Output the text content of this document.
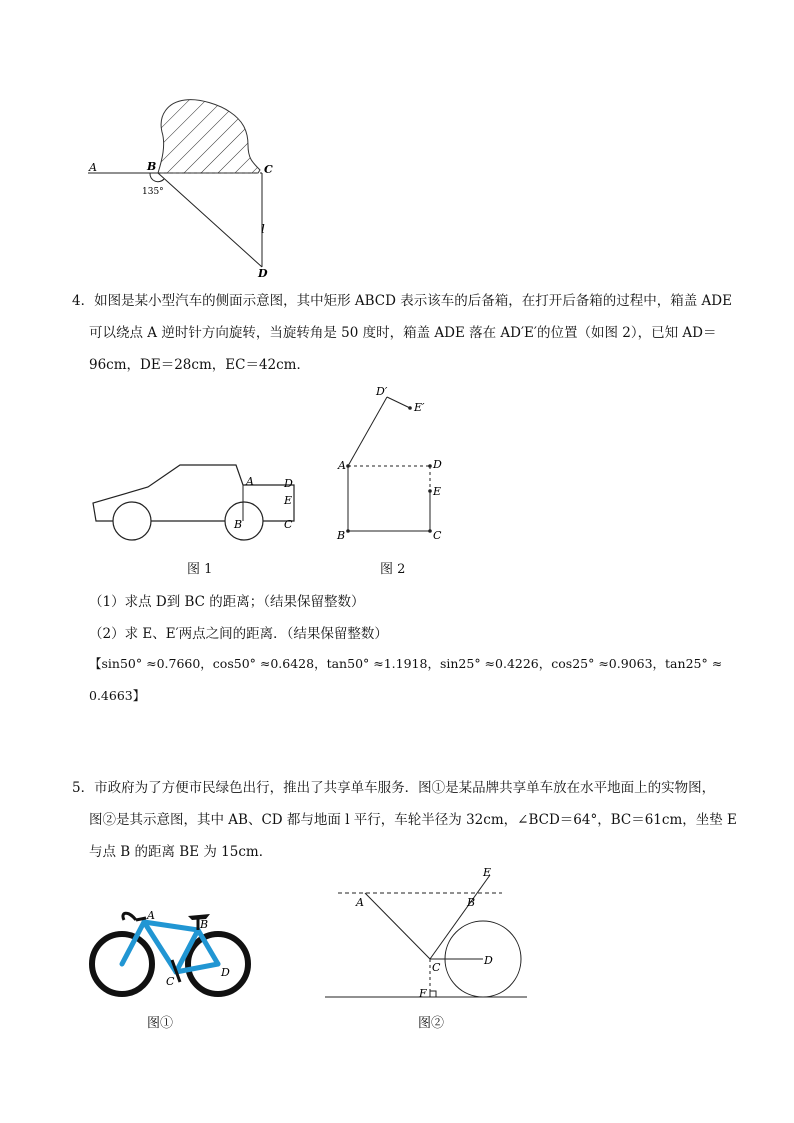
A	B	C
D
l
135°
4．如图是某小型汽车的侧面示意图，其中矩形 ABCD 表示该车的后备箱，在打开后备箱的过程中，箱盖 ADE
可以绕点 A 逆时针方向旋转，当旋转角是 50 度时，箱盖 ADE 落在 AD′E′的位置（如图 2），已知 AD＝
96cm，DE＝28cm，EC＝42cm．
A	D
E
B	C
图 1
D′
E′
A	D
E
B	C
图 2
（1）求点 D到 BC 的距离；（结果保留整数）
（2）求 E、E′两点之间的距离．（结果保留整数）
【sin50° ≈0.7660，cos50° ≈0.6428，tan50° ≈1.1918，sin25° ≈0.4226，cos25° ≈0.9063，tan25° ≈
0.4663】
5．市政府为了方便市民绿色出行，推出了共享单车服务．图①是某品牌共享单车放在水平地面上的实物图，
图②是其示意图，其中 AB、CD 都与地面 l 平行，车轮半径为 32cm，∠BCD＝64°，BC＝61cm，坐垫 E
与点 B 的距离 BE 为 15cm．
A
B
C
D
图①
E
A	B
C
D
F
图②
